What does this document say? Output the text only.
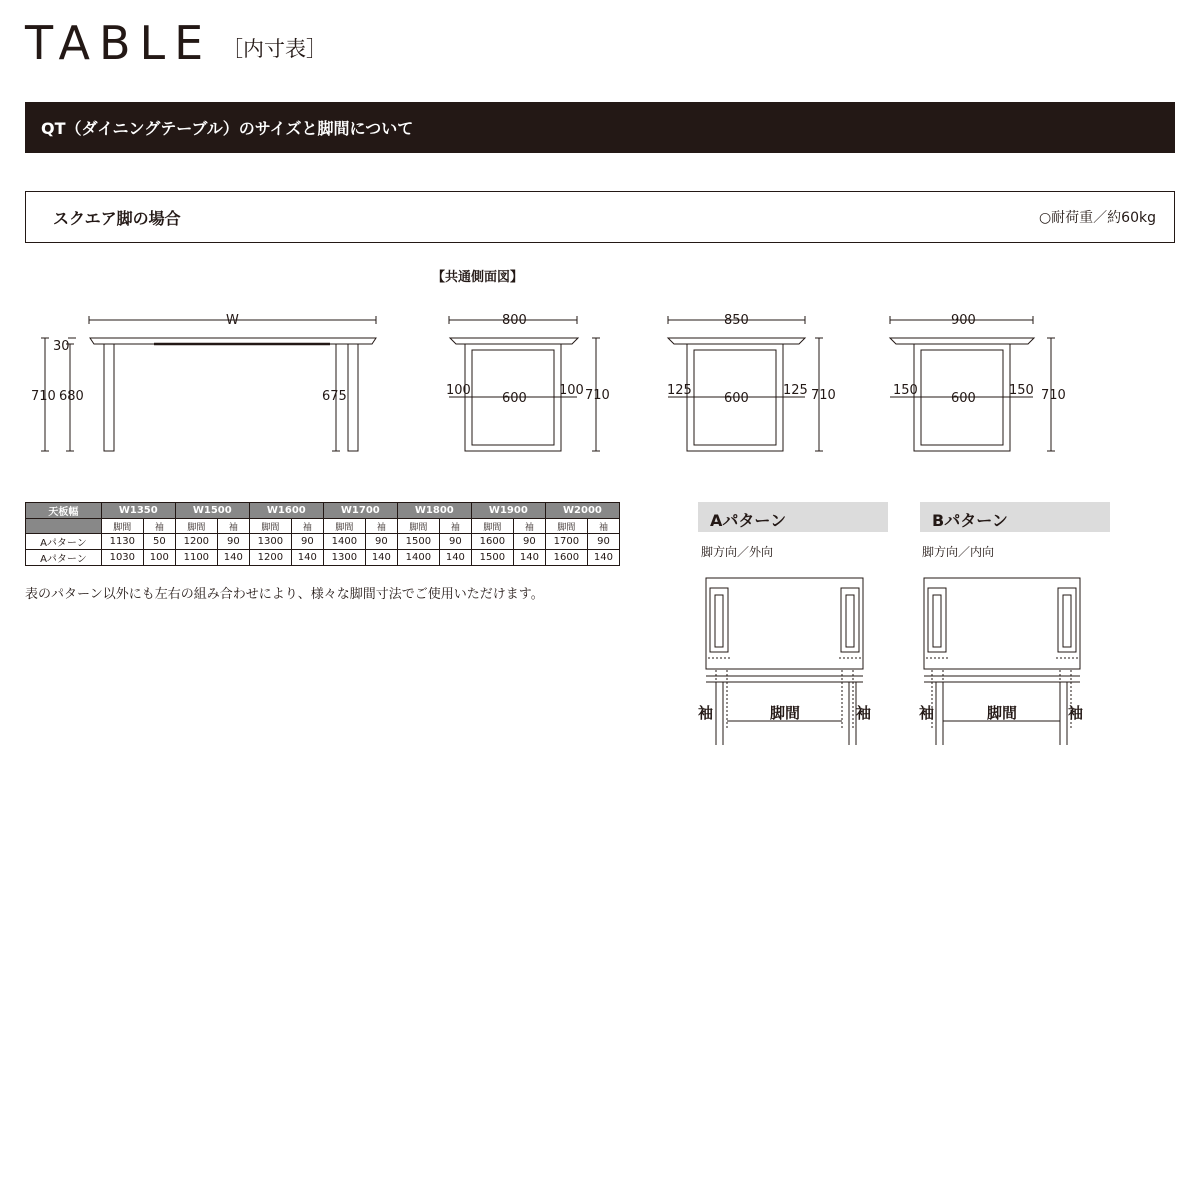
TABLE ［内寸表］
QT（ダイニングテーブル）のサイズと脚間について
スクエア脚の場合	○耐荷重／約60kg
【共通側面図】
W
30
710 680	675
800
100
600
100 710
850
125
600
125 710
900
150
600
150 710
天板幅	W1350		W1500		W1600		W1700		W1800		W1900		W2000	
	脚間	袖	脚間	袖	脚間	袖	脚間	袖	脚間	袖	脚間	袖	脚間	袖
Aパターン	1130	50	1200	90	1300	90	1400	90	1500	90	1600	90	1700	90
Aパターン	1030	100	1100	140	1200	140	1300	140	1400	140	1500	140	1600	140
表のパターン以外にも左右の組み合わせにより、様々な脚間寸法でご使用いただけます。
Aパターン
脚方向／外向
Bパターン
脚方向／内向
袖	脚間	袖	袖	脚間	袖
